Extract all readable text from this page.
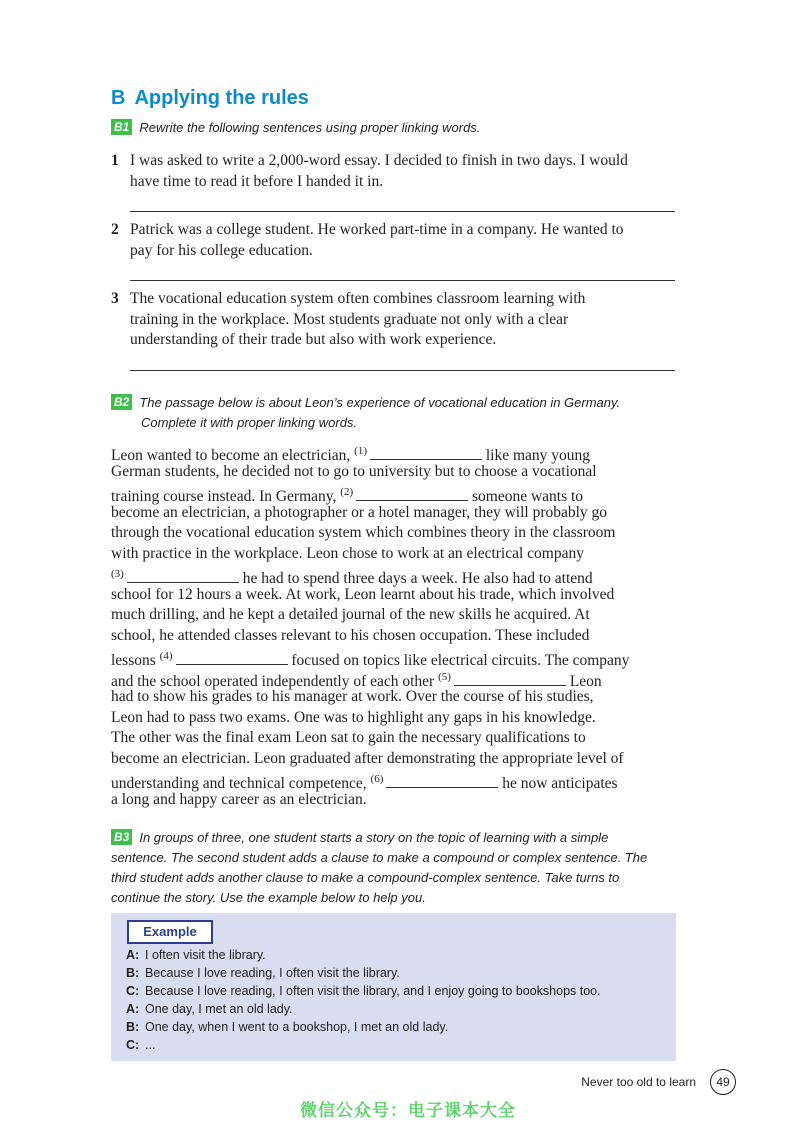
B Applying the rules
B1 Rewrite the following sentences using proper linking words.
1 I was asked to write a 2,000-word essay. I decided to finish in two days. I would
have time to read it before I handed it in.
2 Patrick was a college student. He worked part-time in a company. He wanted to
pay for his college education.
3 The vocational education system often combines classroom learning with
training in the workplace. Most students graduate not only with a clear
understanding of their trade but also with work experience.
B2 The passage below is about Leon’s experience of vocational education in Germany.
Complete it with proper linking words.
Leon wanted to become an electrician, $^{(1)}$	like many young
German students, he decided not to go to university but to choose a vocational
training course instead. In Germany, $^{(2)}$	someone wants to
become an electrician, a photographer or a hotel manager, they will probably go
through the vocational education system which combines theory in the classroom
with practice in the workplace. Leon chose to work at an electrical company
$^{(3)}$	he had to spend three days a week. He also had to attend
school for 12 hours a week. At work, Leon learnt about his trade, which involved
much drilling, and he kept a detailed journal of the new skills he acquired. At
school, he attended classes relevant to his chosen occupation. These included
lessons $^{(4)}$	focused on topics like electrical circuits. The company
and the school operated independently of each other $^{(5)}$	Leon
had to show his grades to his manager at work. Over the course of his studies,
Leon had to pass two exams. One was to highlight any gaps in his knowledge.
The other was the final exam Leon sat to gain the necessary qualifications to
become an electrician. Leon graduated after demonstrating the appropriate level of
understanding and technical competence, $^{(6)}$	he now anticipates
a long and happy career as an electrician.
B3 In groups of three, one student starts a story on the topic of learning with a simple
sentence. The second student adds a clause to make a compound or complex sentence. The
third student adds another clause to make a compound-complex sentence. Take turns to
continue the story. Use the example below to help you.
Example
A: I often visit the library.
B: Because I love reading, I often visit the library.
C: Because I love reading, I often visit the library, and I enjoy going to bookshops too.
A: One day, I met an old lady.
B: One day, when I went to a bookshop, I met an old lady.
C: ...
Never too old to learn	49
微信公众号：电子课本大全
